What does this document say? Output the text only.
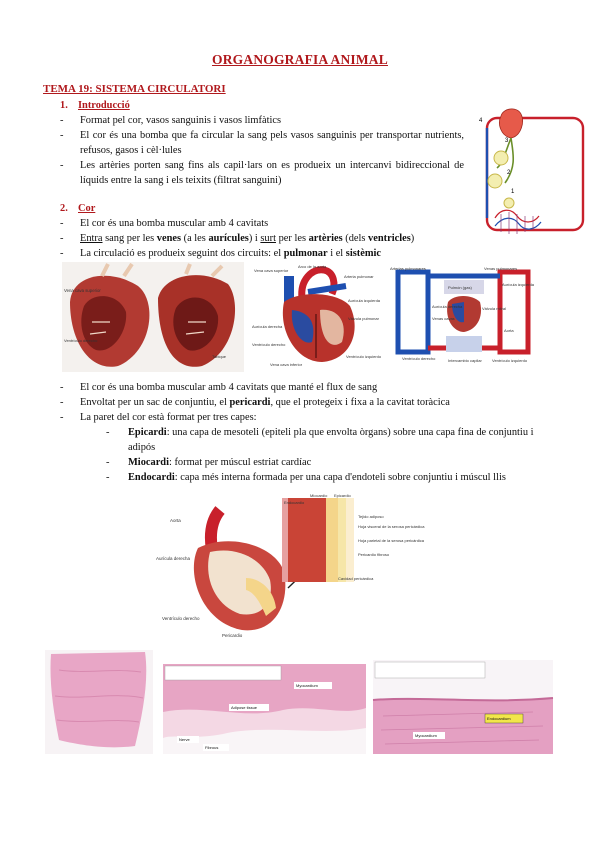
ORGANOGRAFIA ANIMAL
TEMA 19: SISTEMA CIRCULATORI
1. Introducció
-	Format pel cor, vasos sanguinis i vasos limfàtics
-	El cor és una bomba que fa circular la sang pels vasos sanguinis per transportar nutrients, refusos, gasos i cèl·lules
-	Les artèries porten sang fins als capil·lars on es produeix un intercanvi bidireccional de líquids entre la sang i els teixits (filtrat sanguini)
4
3
2
1
2. Cor
-	El cor és una bomba muscular amb 4 cavitats
-	Entra sang per les venes (a les aurícules) i surt per les artèries (dels ventricles)
-	La circulació es produeix seguint dos circuits: el pulmonar i el sistèmic
Vena cava superior
Ventrículo derecho
Tabique
Arco de la aorta
Vena cava superior
Arteria pulmonar
Aurícula derecha
Aurícula izquierda
Válvula pulmonar
Ventrículo derecho
Ventrículo izquierdo
Vena cava inferior
Arterias pulmonares	Venas pulmonares
Aurícula izquierda
Pulmón (gas)
Aurícula derecha	Válvula mitral
Venas cavas
Aorta
Ventrículo derecho	Ventrículo izquierdo
Intercambio capilar
-	El cor és una bomba muscular amb 4 cavitats que manté el flux de sang
-	Envoltat per un sac de conjuntiu, el pericardi, que el protegeix i fixa a la cavitat toràcica
-	La paret del cor està format per tres capes:
-	Epicardi: una capa de mesoteli (epiteli pla que envolta òrgans) sobre una capa fina de conjuntiu i adipós
-	Miocardi: format per múscul estriat cardíac
-	Endocardi: capa més interna formada per una capa d'endoteli sobre conjuntiu i múscul llis
Aorta
Aurícula derecha
Ventrículo derecho
Pericardio
Miocardio Epicardio
Endocardio
Tejido adiposo
Hoja visceral de la serosa pericárdica
Hoja parietal de la serosa pericárdica
Pericardio fibroso
Cavidad pericárdica
Myocardium
Adipose tissue
Nerve
Fibrous
Endocardium
Myocardium
